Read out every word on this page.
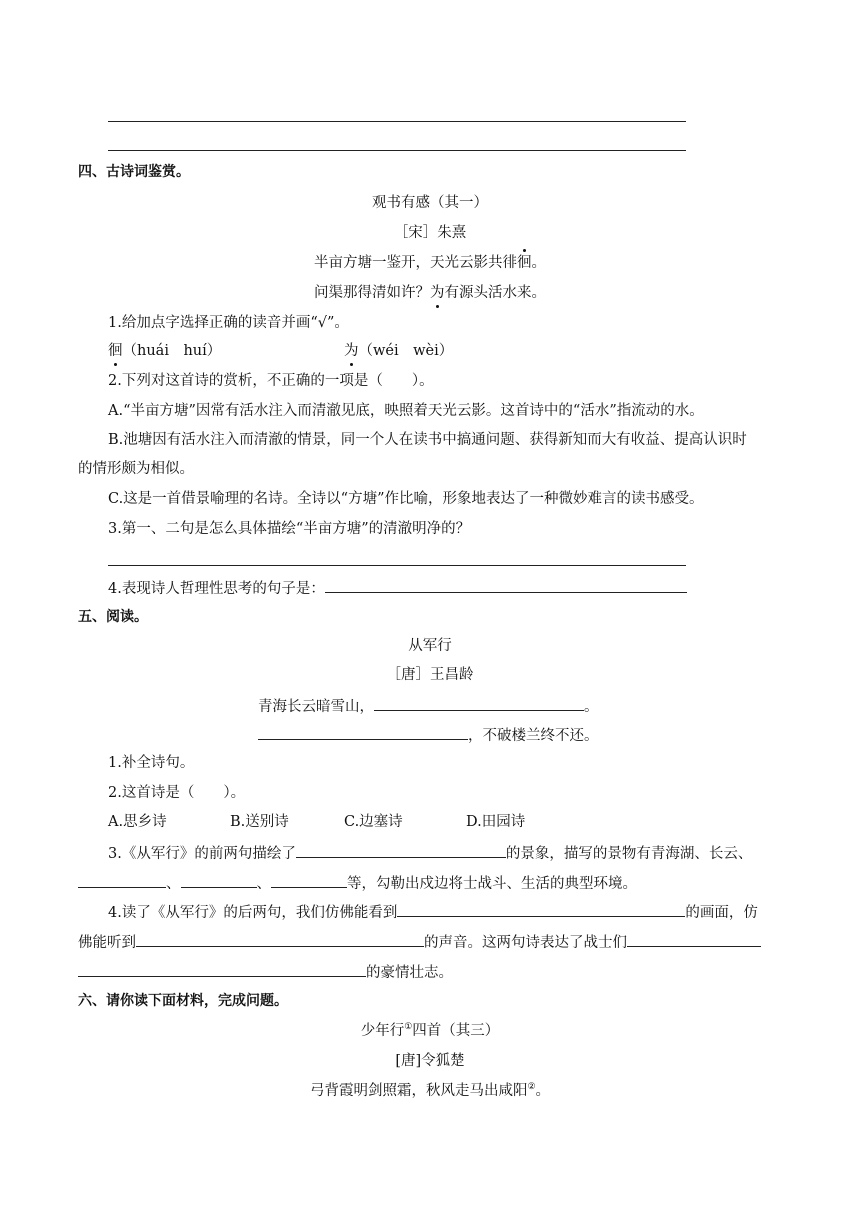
四、古诗词鉴赏。
观书有感（其一）
［宋］朱熹
半亩方塘一鉴开，天光云影共徘徊。
问渠那得清如许？为有源头活水来。
1.给加点字选择正确的读音并画“√”。
徊（huái　huí）	为（wéi　wèi）
2.下列对这首诗的赏析，不正确的一项是（　　）。
A.“半亩方塘”因常有活水注入而清澈见底，映照着天光云影。这首诗中的“活水”指流动的水。
B.池塘因有活水注入而清澈的情景，同一个人在读书中搞通问题、获得新知而大有收益、提高认识时
的情形颇为相似。
C.这是一首借景喻理的名诗。全诗以“方塘”作比喻，形象地表达了一种微妙难言的读书感受。
3.第一、二句是怎么具体描绘“半亩方塘”的清澈明净的？
4.表现诗人哲理性思考的句子是：
五、阅读。
从军行
［唐］王昌龄
青海长云暗雪山，	。
，不破楼兰终不还。
1.补全诗句。
2.这首诗是（　　）。
A.思乡诗	B.送别诗	C.边塞诗	D.田园诗
3.《从军行》的前两句描绘了	的景象，描写的景物有青海湖、长云、
、	、	等，勾勒出戍边将士战斗、生活的典型环境。
4.读了《从军行》的后两句，我们仿佛能看到	的画面，仿
佛能听到	的声音。这两句诗表达了战士们
的豪情壮志。
六、请你读下面材料，完成问题。
少年行①四首（其三）
[唐]令狐楚
弓背霞明剑照霜，秋风走马出咸阳②。
